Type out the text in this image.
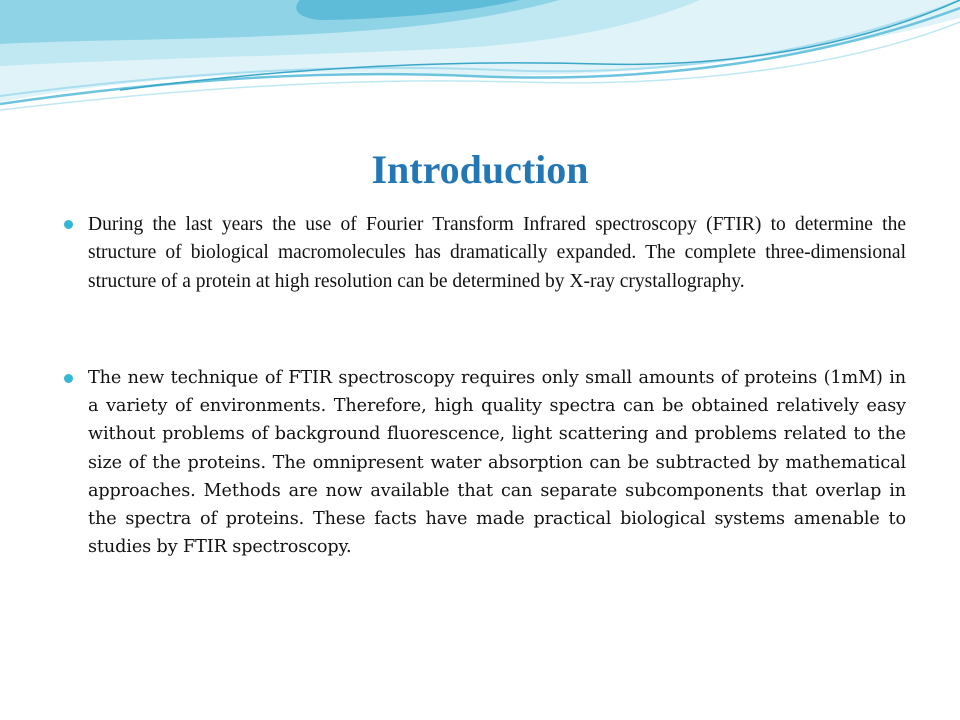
Introduction

During the last years the use of Fourier Transform Infrared spectroscopy (FTIR) to determine the structure of biological macromolecules has dramatically expanded. The complete three-dimensional structure of a protein at high resolution can be determined by X-ray crystallography.

The new technique of FTIR spectroscopy requires only small amounts of proteins (1mM) in a variety of environments. Therefore, high quality spectra can be obtained relatively easy without problems of background fluorescence, light scattering and problems related to the size of the proteins. The omnipresent water absorption can be subtracted by mathematical approaches. Methods are now available that can separate subcomponents that overlap in the spectra of proteins. These facts have made practical biological systems amenable to studies by FTIR spectroscopy.
